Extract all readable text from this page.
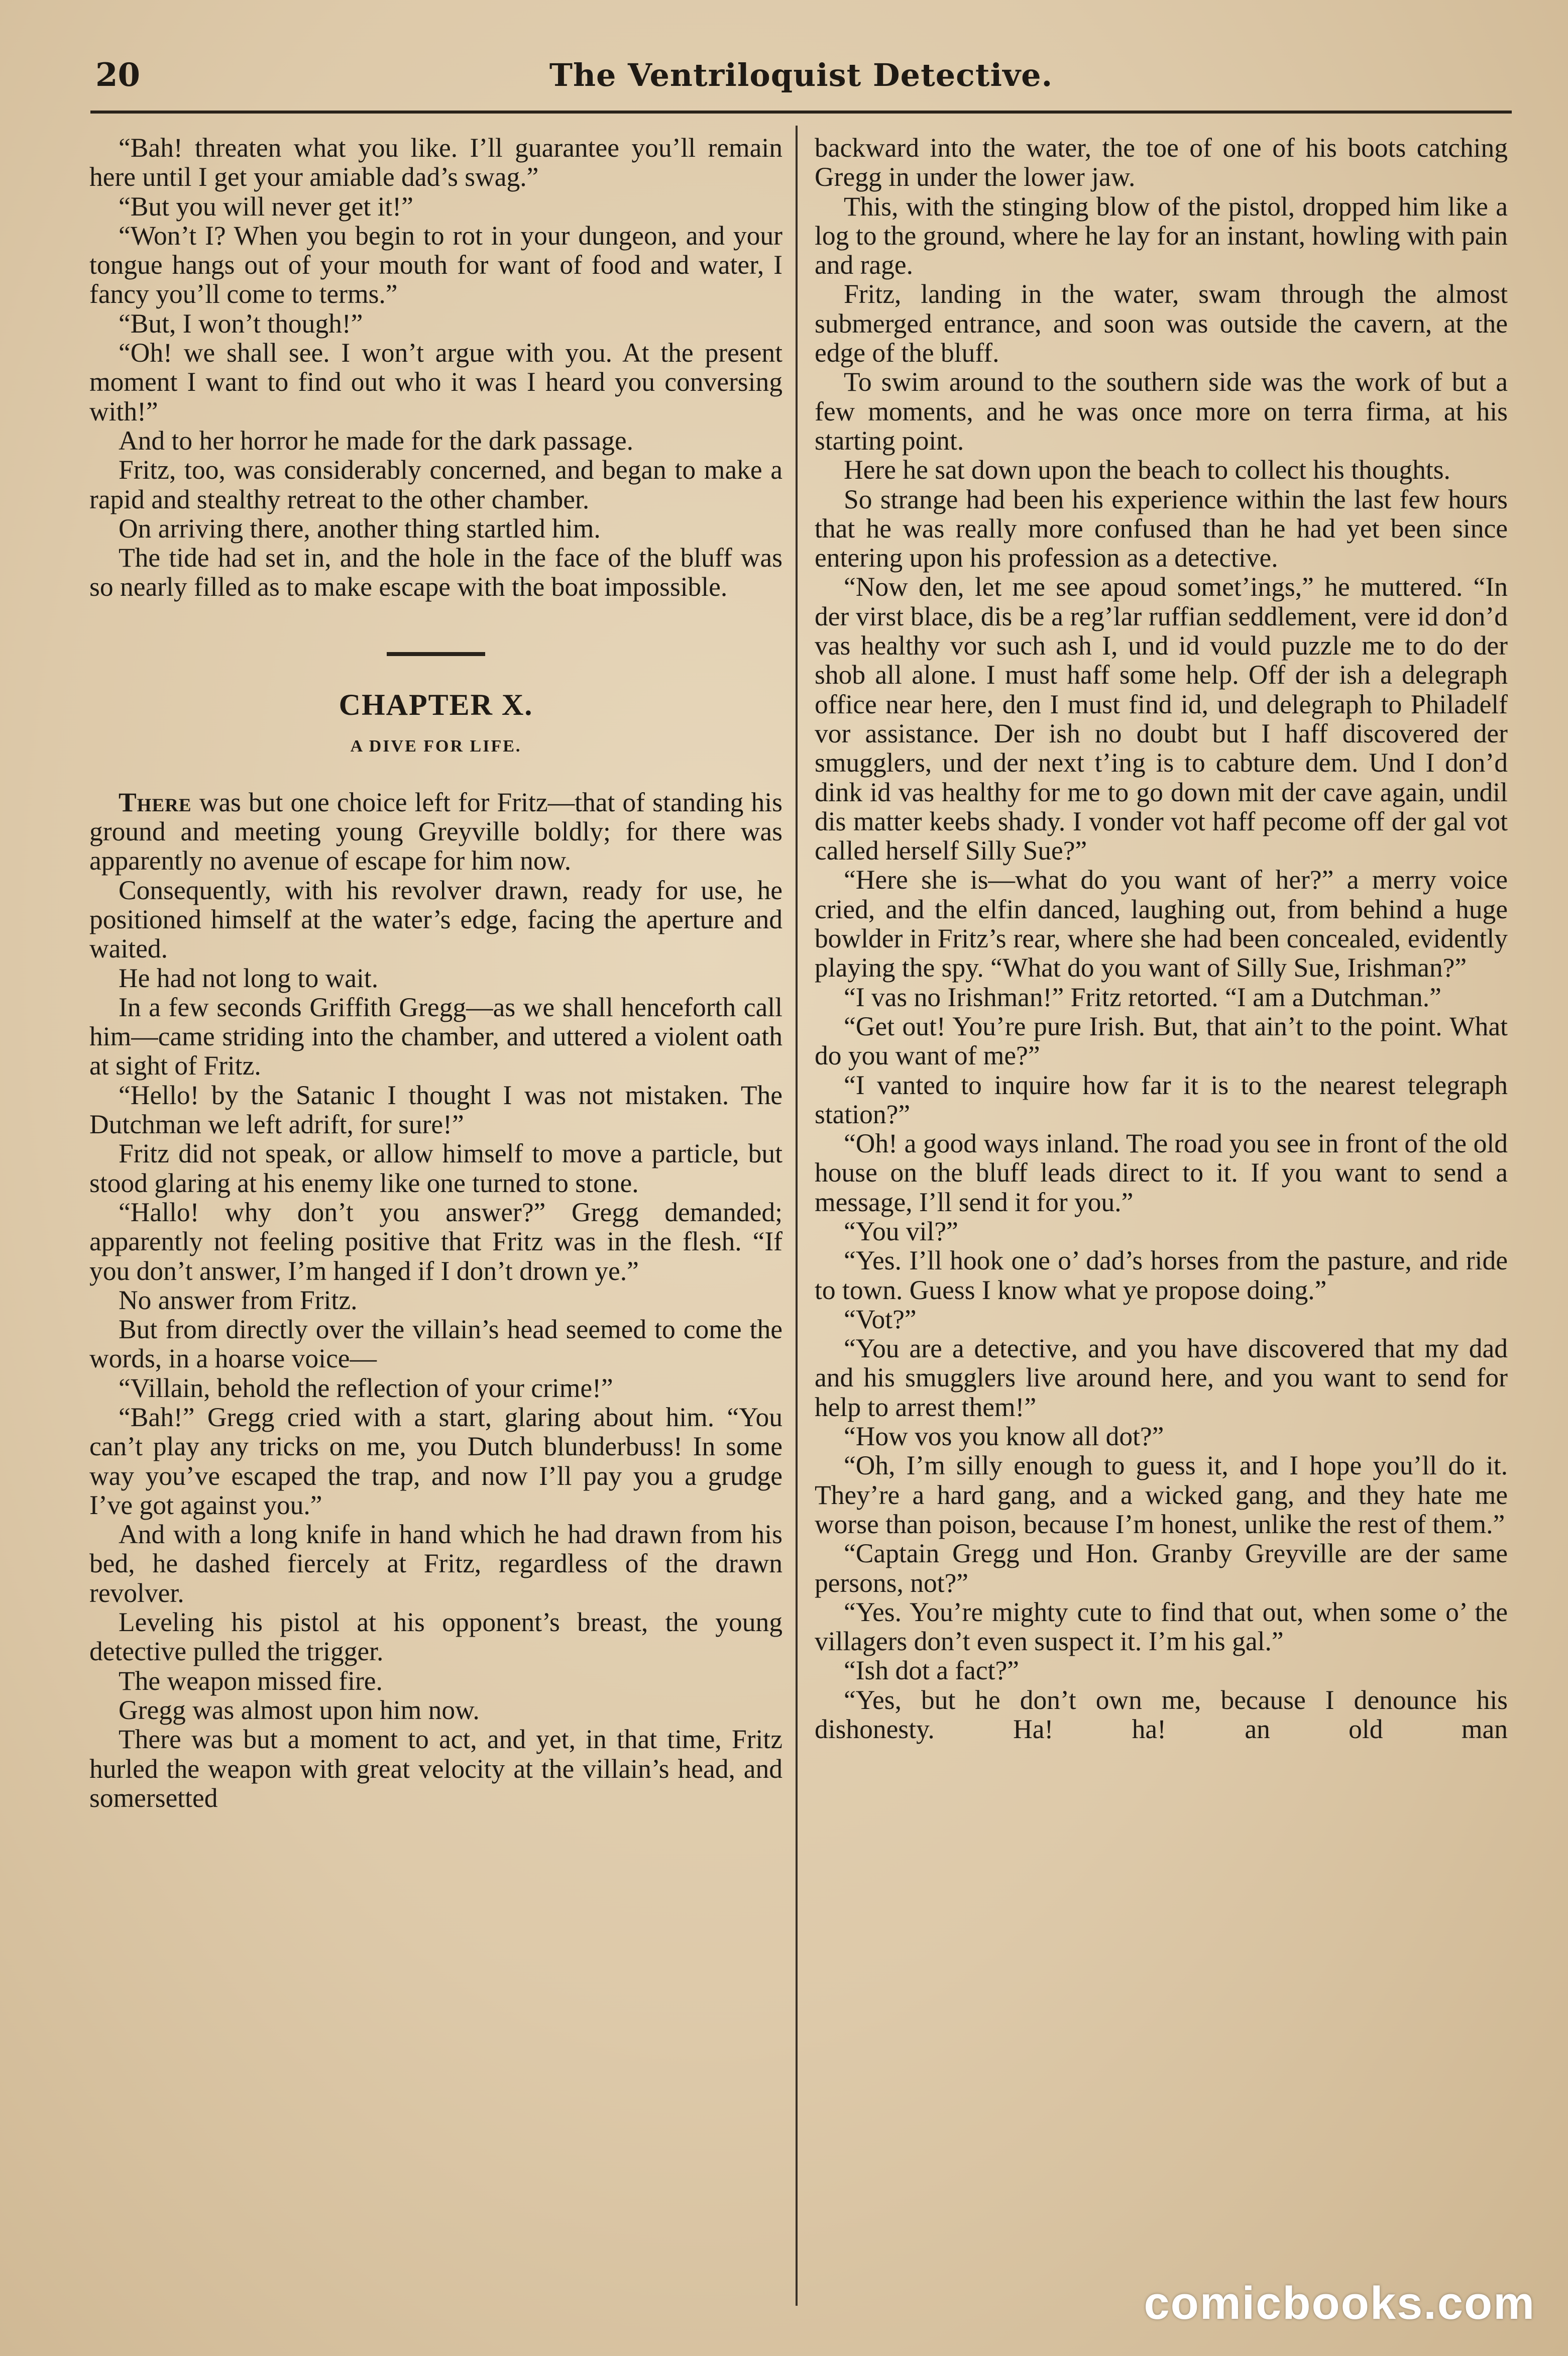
20	The Ventriloquist Detective.

“Bah! threaten what you like. I’ll guarantee you’ll remain here until I get your amiable dad’s swag.”

“But you will never get it!”

“Won’t I? When you begin to rot in your dungeon, and your tongue hangs out of your mouth for want of food and water, I fancy you’ll come to terms.”

“But, I won’t though!”

“Oh! we shall see. I won’t argue with you. At the present moment I want to find out who it was I heard you conversing with!”

And to her horror he made for the dark passage.

Fritz, too, was considerably concerned, and began to make a rapid and stealthy retreat to the other chamber.

On arriving there, another thing startled him.

The tide had set in, and the hole in the face of the bluff was so nearly filled as to make escape with the boat impossible.

CHAPTER X.
A DIVE FOR LIFE.

There was but one choice left for Fritz—that of standing his ground and meeting young Greyville boldly; for there was apparently no avenue of escape for him now.

Consequently, with his revolver drawn, ready for use, he positioned himself at the water’s edge, facing the aperture and waited.

He had not long to wait.

In a few seconds Griffith Gregg—as we shall henceforth call him—came striding into the chamber, and uttered a violent oath at sight of Fritz.

“Hello! by the Satanic I thought I was not mistaken. The Dutchman we left adrift, for sure!”

Fritz did not speak, or allow himself to move a particle, but stood glaring at his enemy like one turned to stone.

“Hallo! why don’t you answer?” Gregg demanded; apparently not feeling positive that Fritz was in the flesh. “If you don’t answer, I’m hanged if I don’t drown ye.”

No answer from Fritz.

But from directly over the villain’s head seemed to come the words, in a hoarse voice—

“Villain, behold the reflection of your crime!”

“Bah!” Gregg cried with a start, glaring about him. “You can’t play any tricks on me, you Dutch blunderbuss! In some way you’ve escaped the trap, and now I’ll pay you a grudge I’ve got against you.”

And with a long knife in hand which he had drawn from his bed, he dashed fiercely at Fritz, regardless of the drawn revolver.

Leveling his pistol at his opponent’s breast, the young detective pulled the trigger.

The weapon missed fire.

Gregg was almost upon him now.

There was but a moment to act, and yet, in that time, Fritz hurled the weapon with great velocity at the villain’s head, and somersetted

backward into the water, the toe of one of his boots catching Gregg in under the lower jaw.

This, with the stinging blow of the pistol, dropped him like a log to the ground, where he lay for an instant, howling with pain and rage.

Fritz, landing in the water, swam through the almost submerged entrance, and soon was outside the cavern, at the edge of the bluff.

To swim around to the southern side was the work of but a few moments, and he was once more on terra firma, at his starting point.

Here he sat down upon the beach to collect his thoughts.

So strange had been his experience within the last few hours that he was really more confused than he had yet been since entering upon his profession as a detective.

“Now den, let me see apoud somet’ings,” he muttered. “In der virst blace, dis be a reg’lar ruffian seddlement, vere id don’d vas healthy vor such ash I, und id vould puzzle me to do der shob all alone. I must haff some help. Off der ish a delegraph office near here, den I must find id, und delegraph to Philadelf vor assistance. Der ish no doubt but I haff discovered der smugglers, und der next t’ing is to cabture dem. Und I don’d dink id vas healthy for me to go down mit der cave again, undil dis matter keebs shady. I vonder vot haff pecome off der gal vot called herself Silly Sue?”

“Here she is—what do you want of her?” a merry voice cried, and the elfin danced, laughing out, from behind a huge bowlder in Fritz’s rear, where she had been concealed, evidently playing the spy. “What do you want of Silly Sue, Irishman?”

“I vas no Irishman!” Fritz retorted. “I am a Dutchman.”

“Get out! You’re pure Irish. But, that ain’t to the point. What do you want of me?”

“I vanted to inquire how far it is to the nearest telegraph station?”

“Oh! a good ways inland. The road you see in front of the old house on the bluff leads direct to it. If you want to send a message, I’ll send it for you.”

“You vil?”

“Yes. I’ll hook one o’ dad’s horses from the pasture, and ride to town. Guess I know what ye propose doing.”

“Vot?”

“You are a detective, and you have discovered that my dad and his smugglers live around here, and you want to send for help to arrest them!”

“How vos you know all dot?”

“Oh, I’m silly enough to guess it, and I hope you’ll do it. They’re a hard gang, and a wicked gang, and they hate me worse than poison, because I’m honest, unlike the rest of them.”

“Captain Gregg und Hon. Granby Greyville are der same persons, not?”

“Yes. You’re mighty cute to find that out, when some o’ the villagers don’t even suspect it. I’m his gal.”

“Ish dot a fact?”

“Yes, but he don’t own me, because I denounce his dishonesty. Ha! ha! an old man

comicbooks.com
